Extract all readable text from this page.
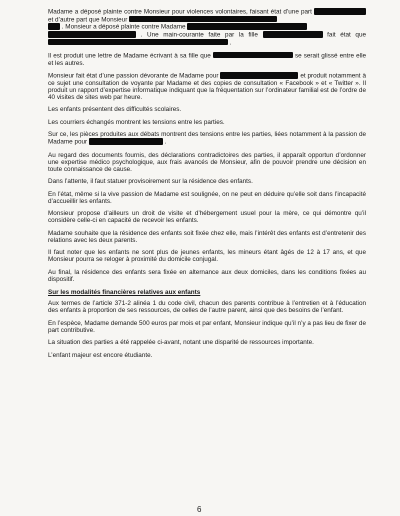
Madame a déposé plainte contre Monsieur pour violences volontaires, faisant état d’une part  et d’autre part que Monsieur
. Monsieur a déposé plainte contre Madame
. Une main-courante faite par la fille	fait état que  .

Il est produit une lettre de Madame écrivant à sa fille que	se serait glissé entre elle et les autres.

Monsieur fait état d’une passion dévorante de Madame pour	et produit notamment à ce sujet une consultation de voyante par Madame et des copies de consultation « Facebook » et « Twitter ». Il produit un rapport d’expertise informatique indiquant que la fréquentation sur l’ordinateur familial est de l’ordre de 40 visites de sites web par heure.

Les enfants présentent des difficultés scolaires.

Les courriers échangés montrent les tensions entre les parties.

Sur ce, les pièces produites aux débats montrent des tensions entre les parties, liées notamment à la passion de Madame pour	.

Au regard des documents fournis, des déclarations contradictoires des parties, il apparaît opportun d’ordonner une expertise médico psychologique, aux frais avancés de Monsieur, afin de pouvoir prendre une décision en toute connaissance de cause.

Dans l’attente, il faut statuer provisoirement sur la résidence des enfants.

En l’état, même si la vive passion de Madame est soulignée, on ne peut en déduire qu’elle soit dans l’incapacité d’accueillir les enfants.

Monsieur propose d’ailleurs un droit de visite et d’hébergement usuel pour la mère, ce qui démontre qu’il considère celle-ci en capacité de recevoir les enfants.

Madame souhaite que la résidence des enfants soit fixée chez elle, mais l’intérêt des enfants est d’entretenir des relations avec les deux parents.

Il faut noter que les enfants ne sont plus de jeunes enfants, les mineurs étant âgés de 12 à 17 ans, et que Monsieur pourra se reloger à proximité du domicile conjugal.

Au final, la résidence des enfants sera fixée en alternance aux deux domiciles, dans les conditions fixées au dispositif.

Sur les modalités financières relatives aux enfants

Aux termes de l’article 371-2 alinéa 1 du code civil, chacun des parents contribue à l’entretien et à l’éducation des enfants à proportion de ses ressources, de celles de l’autre parent, ainsi que des besoins de l’enfant.

En l’espèce, Madame demande 500 euros par mois et par enfant, Monsieur indique qu’il n’y a pas lieu de fixer de part contributive.

La situation des parties a été rappelée ci-avant, notant une disparité de ressources importante.

L’enfant majeur est encore étudiante.

6
